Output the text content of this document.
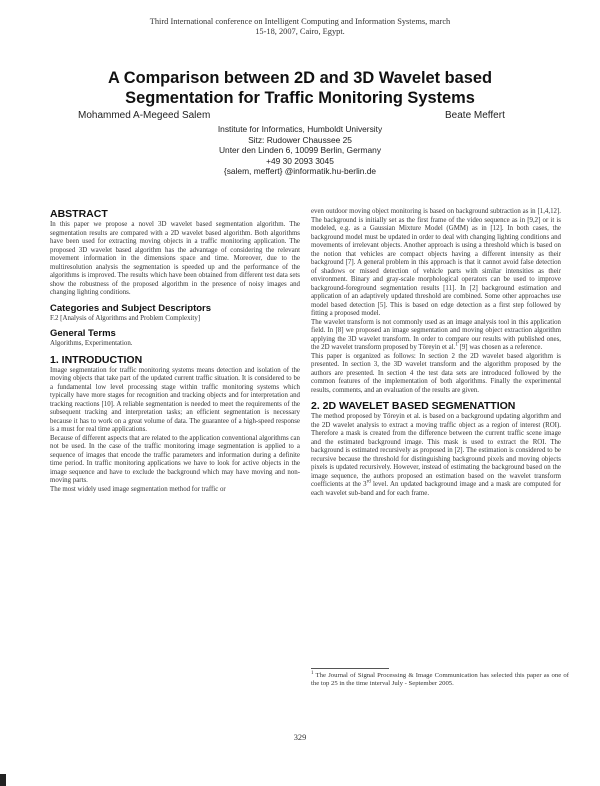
Third International conference on Intelligent Computing and Information Systems, march
15-18, 2007, Cairo, Egypt.
A Comparison between 2D and 3D Wavelet based
Segmentation for Traffic Monitoring Systems
Mohammed A-Megeed Salem	Beate Meffert
Institute for Informatics, Humboldt University
Sitz: Rudower Chaussee 25
Unter den Linden 6, 10099 Berlin, Germany
+49 30 2093 3045
{salem, meffert} @informatik.hu-berlin.de
ABSTRACT

In this paper we propose a novel 3D wavelet based segmentation algorithm. The segmentation results are compared with a 2D wavelet based algorithm. Both algorithms have been used for extracting moving objects in a traffic monitoring application. The proposed 3D wavelet based algorithm has the advantage of considering the relevant movement information in the dimensions space and time. Moreover, due to the multiresolution analysis the segmentation is speeded up and the performance of the algorithms is improved. The results which have been obtained from different test data sets show the robustness of the proposed algorithm in the presence of noisy images and changing lighting conditions.

Categories and Subject Descriptors

F.2 [Analysis of Algorithms and Problem Complexity]

General Terms

Algorithms, Experimentation.

1. INTRODUCTION

Image segmentation for traffic monitoring systems means detection and isolation of the moving objects that take part of the updated current traffic situation. It is considered to be a fundamental low level processing stage within traffic monitoring systems which typically have more stages for recognition and tracking objects and for interpretation and tracking reactions [10]. A reliable segmentation is needed to meet the requirements of the subsequent tracking and interpretation tasks; an efficient segmentation is necessary because it has to work on a great volume of data. The guarantee of a high-speed response is a must for real time applications.

Because of different aspects that are related to the application conventional algorithms can not be used. In the case of the traffic monitoring image segmentation is applied to a sequence of images that encode the traffic parameters and information during a definite time period. In traffic monitoring applications we have to look for active objects in the image sequence and have to exclude the background which may have moving and non-moving parts.

The most widely used image segmentation method for traffic or

even outdoor moving object monitoring is based on background subtraction as in [1,4,12]. The background is initially set as the first frame of the video sequence as in [9,2] or it is modeled, e.g. as a Gaussian Mixture Model (GMM) as in [12]. In both cases, the background model must be updated in order to deal with changing lighting conditions and movements of irrelevant objects. Another approach is using a threshold which is based on the notion that vehicles are compact objects having a different intensity as their background [7]. A general problem in this approach is that it cannot avoid false detection of shadows or missed detection of vehicle parts with similar intensities as their environment. Binary and gray-scale morphological operators can be used to improve background-foreground segmentation results [11]. In [2] background estimation and application of an adaptively updated threshold are combined. Some other approaches use model based detection [5]. This is based on edge detection as a first step followed by fitting a proposed model.

The wavelet transform is not commonly used as an image analysis tool in this application field. In [8] we proposed an image segmentation and moving object extraction algorithm applying the 3D wavelet transform. In order to compare our results with published ones, the 2D wavelet transform proposed by Töreyin et al.$^1$ [9] was chosen as a reference.

This paper is organized as follows: In section 2 the 2D wavelet based algorithm is presented. In section 3, the 3D wavelet transform and the algorithm proposed by the authors are presented. In section 4 the test data sets are introduced followed by the common features of the implementation of both algorithms. Finally the experimental results, comments, and an evaluation of the results are given.

2. 2D WAVELET BASED SEGMENATTION

The method proposed by Töreyin et al. is based on a background updating algorithm and the 2D wavelet analysis to extract a moving traffic object as a region of interest (ROI). Therefore a mask is created from the difference between the current traffic scene image and the estimated background image. This mask is used to extract the ROI. The background is estimated recursively as proposed in [2]. The estimation is considered to be recursive because the threshold for distinguishing background pixels and moving objects pixels is updated recursively. However, instead of estimating the background based on the image sequence, the authors proposed an estimation based on the wavelet transform coefficients at the 3rd level. An updated background image and a mask are computed for each wavelet sub-band and for each frame.

$^1$ The Journal of Signal Processing & Image Communication has selected this paper as one of the top 25 in the time interval July - September 2005.
329
